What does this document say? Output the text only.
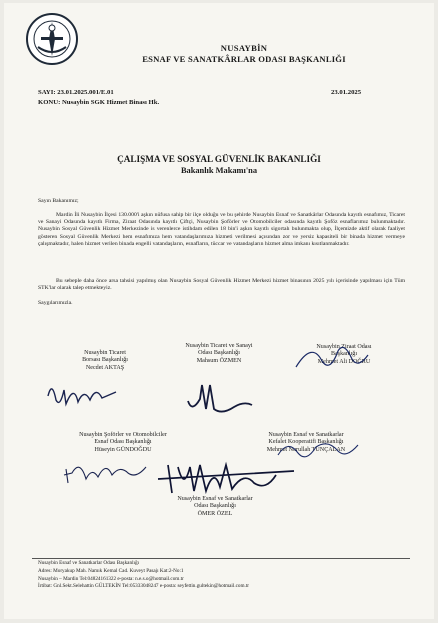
NUSAYBİN
ESNAF VE SANATKÂRLAR ODASI BAŞKANLIĞI
SAYI: 23.01.2025.001/E.01	23.01.2025
KONU: Nusaybin SGK Hizmet Binası Hk.
ÇALIŞMA VE SOSYAL GÜVENLİK BAKANLIĞI
Bakanlık Makamı'na
Sayın Bakanımız;
Mardin İli Nusaybin İlçesi 130.000'i aşkın nüfusa sahip bir ilçe olduğu ve bu şehirde Nusaybin Esnaf ve Sanatkârlar Odasında kayıtlı esnafımız, Ticaret ve Sanayi Odasında kayıtlı Firma, Ziraat Odasında kayıtlı Çiftçi, Nusaybin Şoförler ve Otomobilciler odasında kayıtlı Şoföz esnaflarımız bulunmaktadır. Nusaybin Sosyal Güvenlik Hizmet Merkezinde is verenlerce istihdam edilen 18 bin'i aşkın kayıtlı sigortalı bulunmakta olup, İlçemizde aktif olarak faaliyet gösteren Sosyal Güvenlik Merkezi hem esnafımıza hem vatandaşlarımıza hizmeti verilmesi açısından zor ve yersiz kapasiteli bir binada hizmet vermeye çalışmaktadır, halen hizmet verilen binada engelli vatandaşların, esnafların, tüccar ve vatandaşların hizmet alma imkanı kısıtlanmaktadır.
Bu sebeple daha önce arsa tahsisi yapılmış olan Nusaybin Sosyal Güvenlik Hizmet Merkezi hizmet binasının 2025 yılı içerisinde yapılması için Tüm STK'lar olarak talep etmekteyiz.
Saygılarımızla.
Nusaybin Ticaret
Borsası Başkanlığı
Necdet AKTAŞ
Nusaybin Ticaret ve Sanayi
Odası Başkanlığı
Mahsum ÖZMEN
Nusaybin Ziraat Odası
Başkanlığı
Mehmet Ali DOĞRU
Nusaybin Şoförler ve Otomobilciler
Esnaf Odası Başkanlığı
Hüseyin GÜNDOĞDU
Nusaybin Esnaf ve Sanatkarlar
Kefalet Kooperatifi Başkanlığı
Mehmet Nurullah TUNÇALAN
Nusaybin Esnaf ve Sanatkarlar
Odası Başkanlığı
ÖMER ÖZEL
Nusaybin Esnaf ve Sanatkarlar Odası Başkanlığı
Adres: Moryakup Mah. Namık Kemal Cad. Kuveyt Pasajı Kat:2-No:1
Nusaybin – Mardin Tel:04824161322 e-posta: n.e.s.o@hotmail.com.tr
İrtibat: Gnl.Sekt.Selehattin GÜLTEKİN Tel:05333048247 e-posta: seyfettin.gultekin@hotmail.com.tr
